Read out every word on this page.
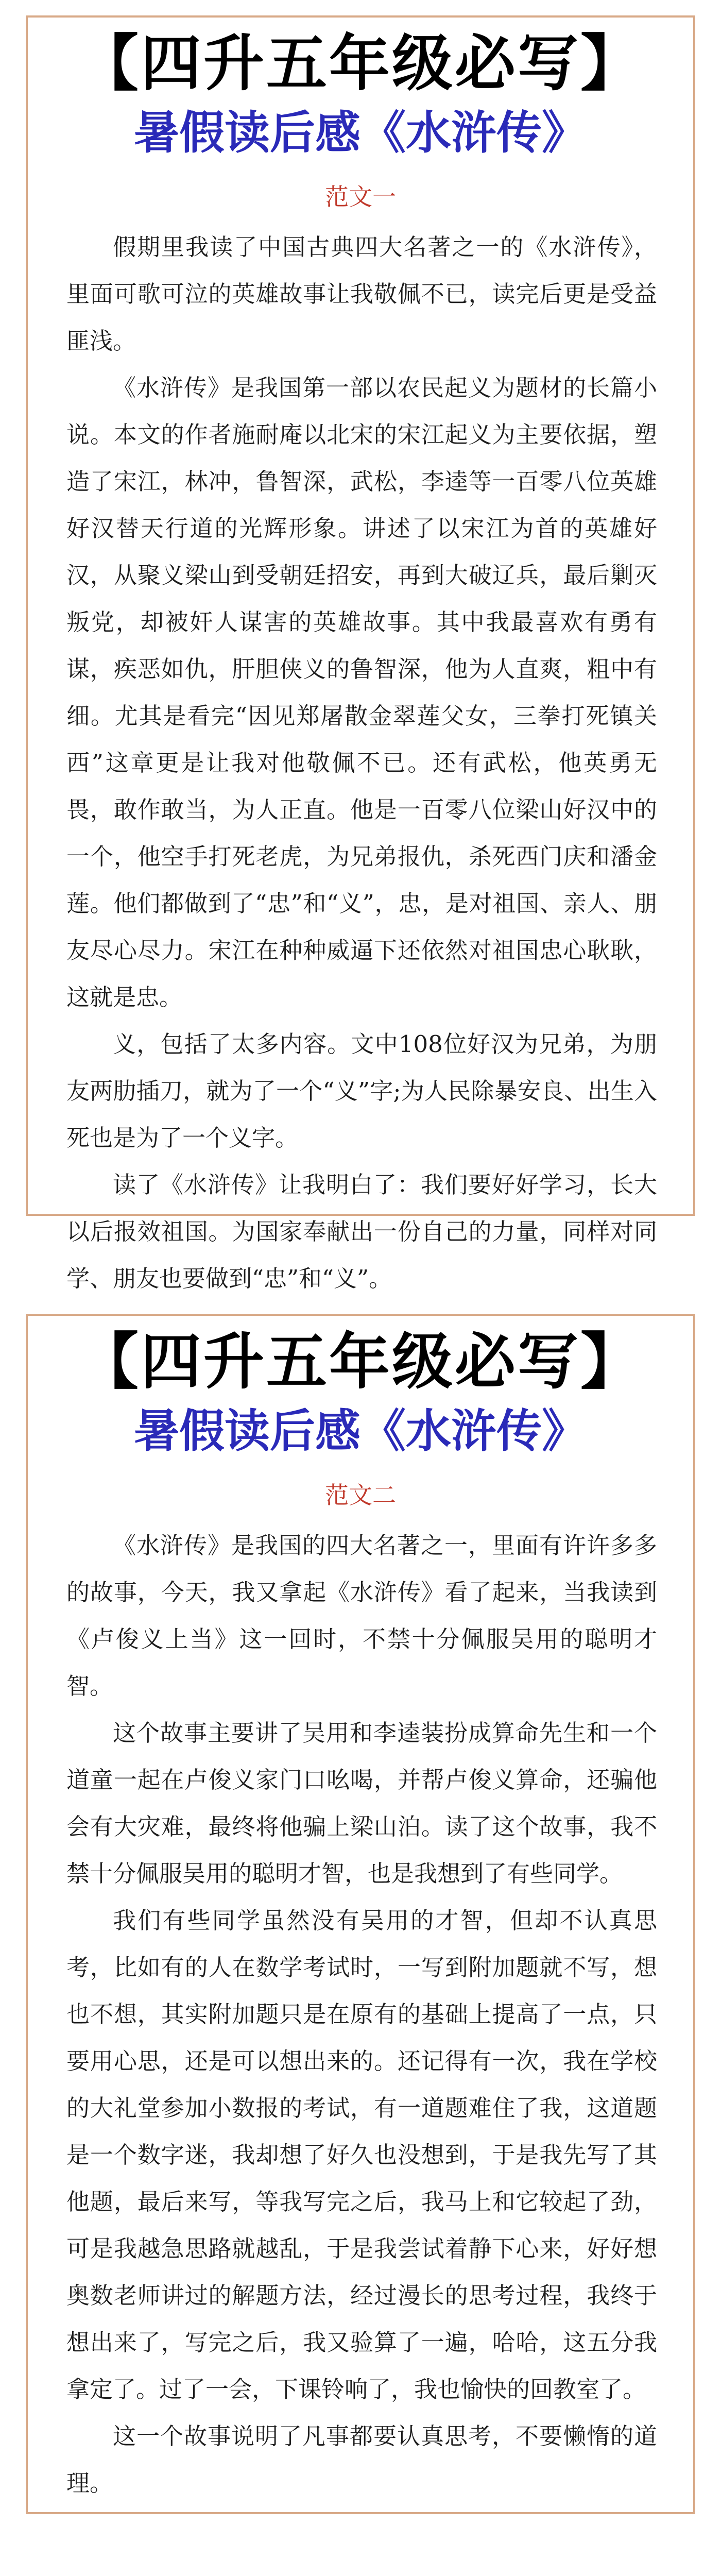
【四升五年级必写】
暑假读后感《水浒传》
范文一

假期里我读了中国古典四大名著之一的《水浒传》，里面可歌可泣的英雄故事让我敬佩不已，读完后更是受益匪浅。

《水浒传》是我国第一部以农民起义为题材的长篇小说。本文的作者施耐庵以北宋的宋江起义为主要依据，塑造了宋江，林冲，鲁智深，武松，李逵等一百零八位英雄好汉替天行道的光辉形象。讲述了以宋江为首的英雄好汉，从聚义梁山到受朝廷招安，再到大破辽兵，最后剿灭叛党，却被奸人谋害的英雄故事。其中我最喜欢有勇有谋，疾恶如仇，肝胆侠义的鲁智深，他为人直爽，粗中有细。尤其是看完“因见郑屠散金翠莲父女，三拳打死镇关西”这章更是让我对他敬佩不已。还有武松，他英勇无畏，敢作敢当，为人正直。他是一百零八位梁山好汉中的一个，他空手打死老虎，为兄弟报仇，杀死西门庆和潘金莲。他们都做到了“忠”和“义”，忠，是对祖国、亲人、朋友尽心尽力。宋江在种种威逼下还依然对祖国忠心耿耿，这就是忠。

义，包括了太多内容。文中108位好汉为兄弟，为朋友两肋插刀，就为了一个“义”字;为人民除暴安良、出生入死也是为了一个义字。

读了《水浒传》让我明白了：我们要好好学习，长大以后报效祖国。为国家奉献出一份自己的力量，同样对同学、朋友也要做到“忠”和“义”。

【四升五年级必写】
暑假读后感《水浒传》
范文二

《水浒传》是我国的四大名著之一，里面有许许多多的故事，今天，我又拿起《水浒传》看了起来，当我读到《卢俊义上当》这一回时，不禁十分佩服吴用的聪明才智。

这个故事主要讲了吴用和李逵装扮成算命先生和一个道童一起在卢俊义家门口吆喝，并帮卢俊义算命，还骗他会有大灾难，最终将他骗上梁山泊。读了这个故事，我不禁十分佩服吴用的聪明才智，也是我想到了有些同学。

我们有些同学虽然没有吴用的才智，但却不认真思考，比如有的人在数学考试时，一写到附加题就不写，想也不想，其实附加题只是在原有的基础上提高了一点，只要用心思，还是可以想出来的。还记得有一次，我在学校的大礼堂参加小数报的考试，有一道题难住了我，这道题是一个数字迷，我却想了好久也没想到，于是我先写了其他题，最后来写，等我写完之后，我马上和它较起了劲，可是我越急思路就越乱，于是我尝试着静下心来，好好想奥数老师讲过的解题方法，经过漫长的思考过程，我终于想出来了，写完之后，我又验算了一遍，哈哈，这五分我拿定了。过了一会，下课铃响了，我也愉快的回教室了。

这一个故事说明了凡事都要认真思考，不要懒惰的道理。
